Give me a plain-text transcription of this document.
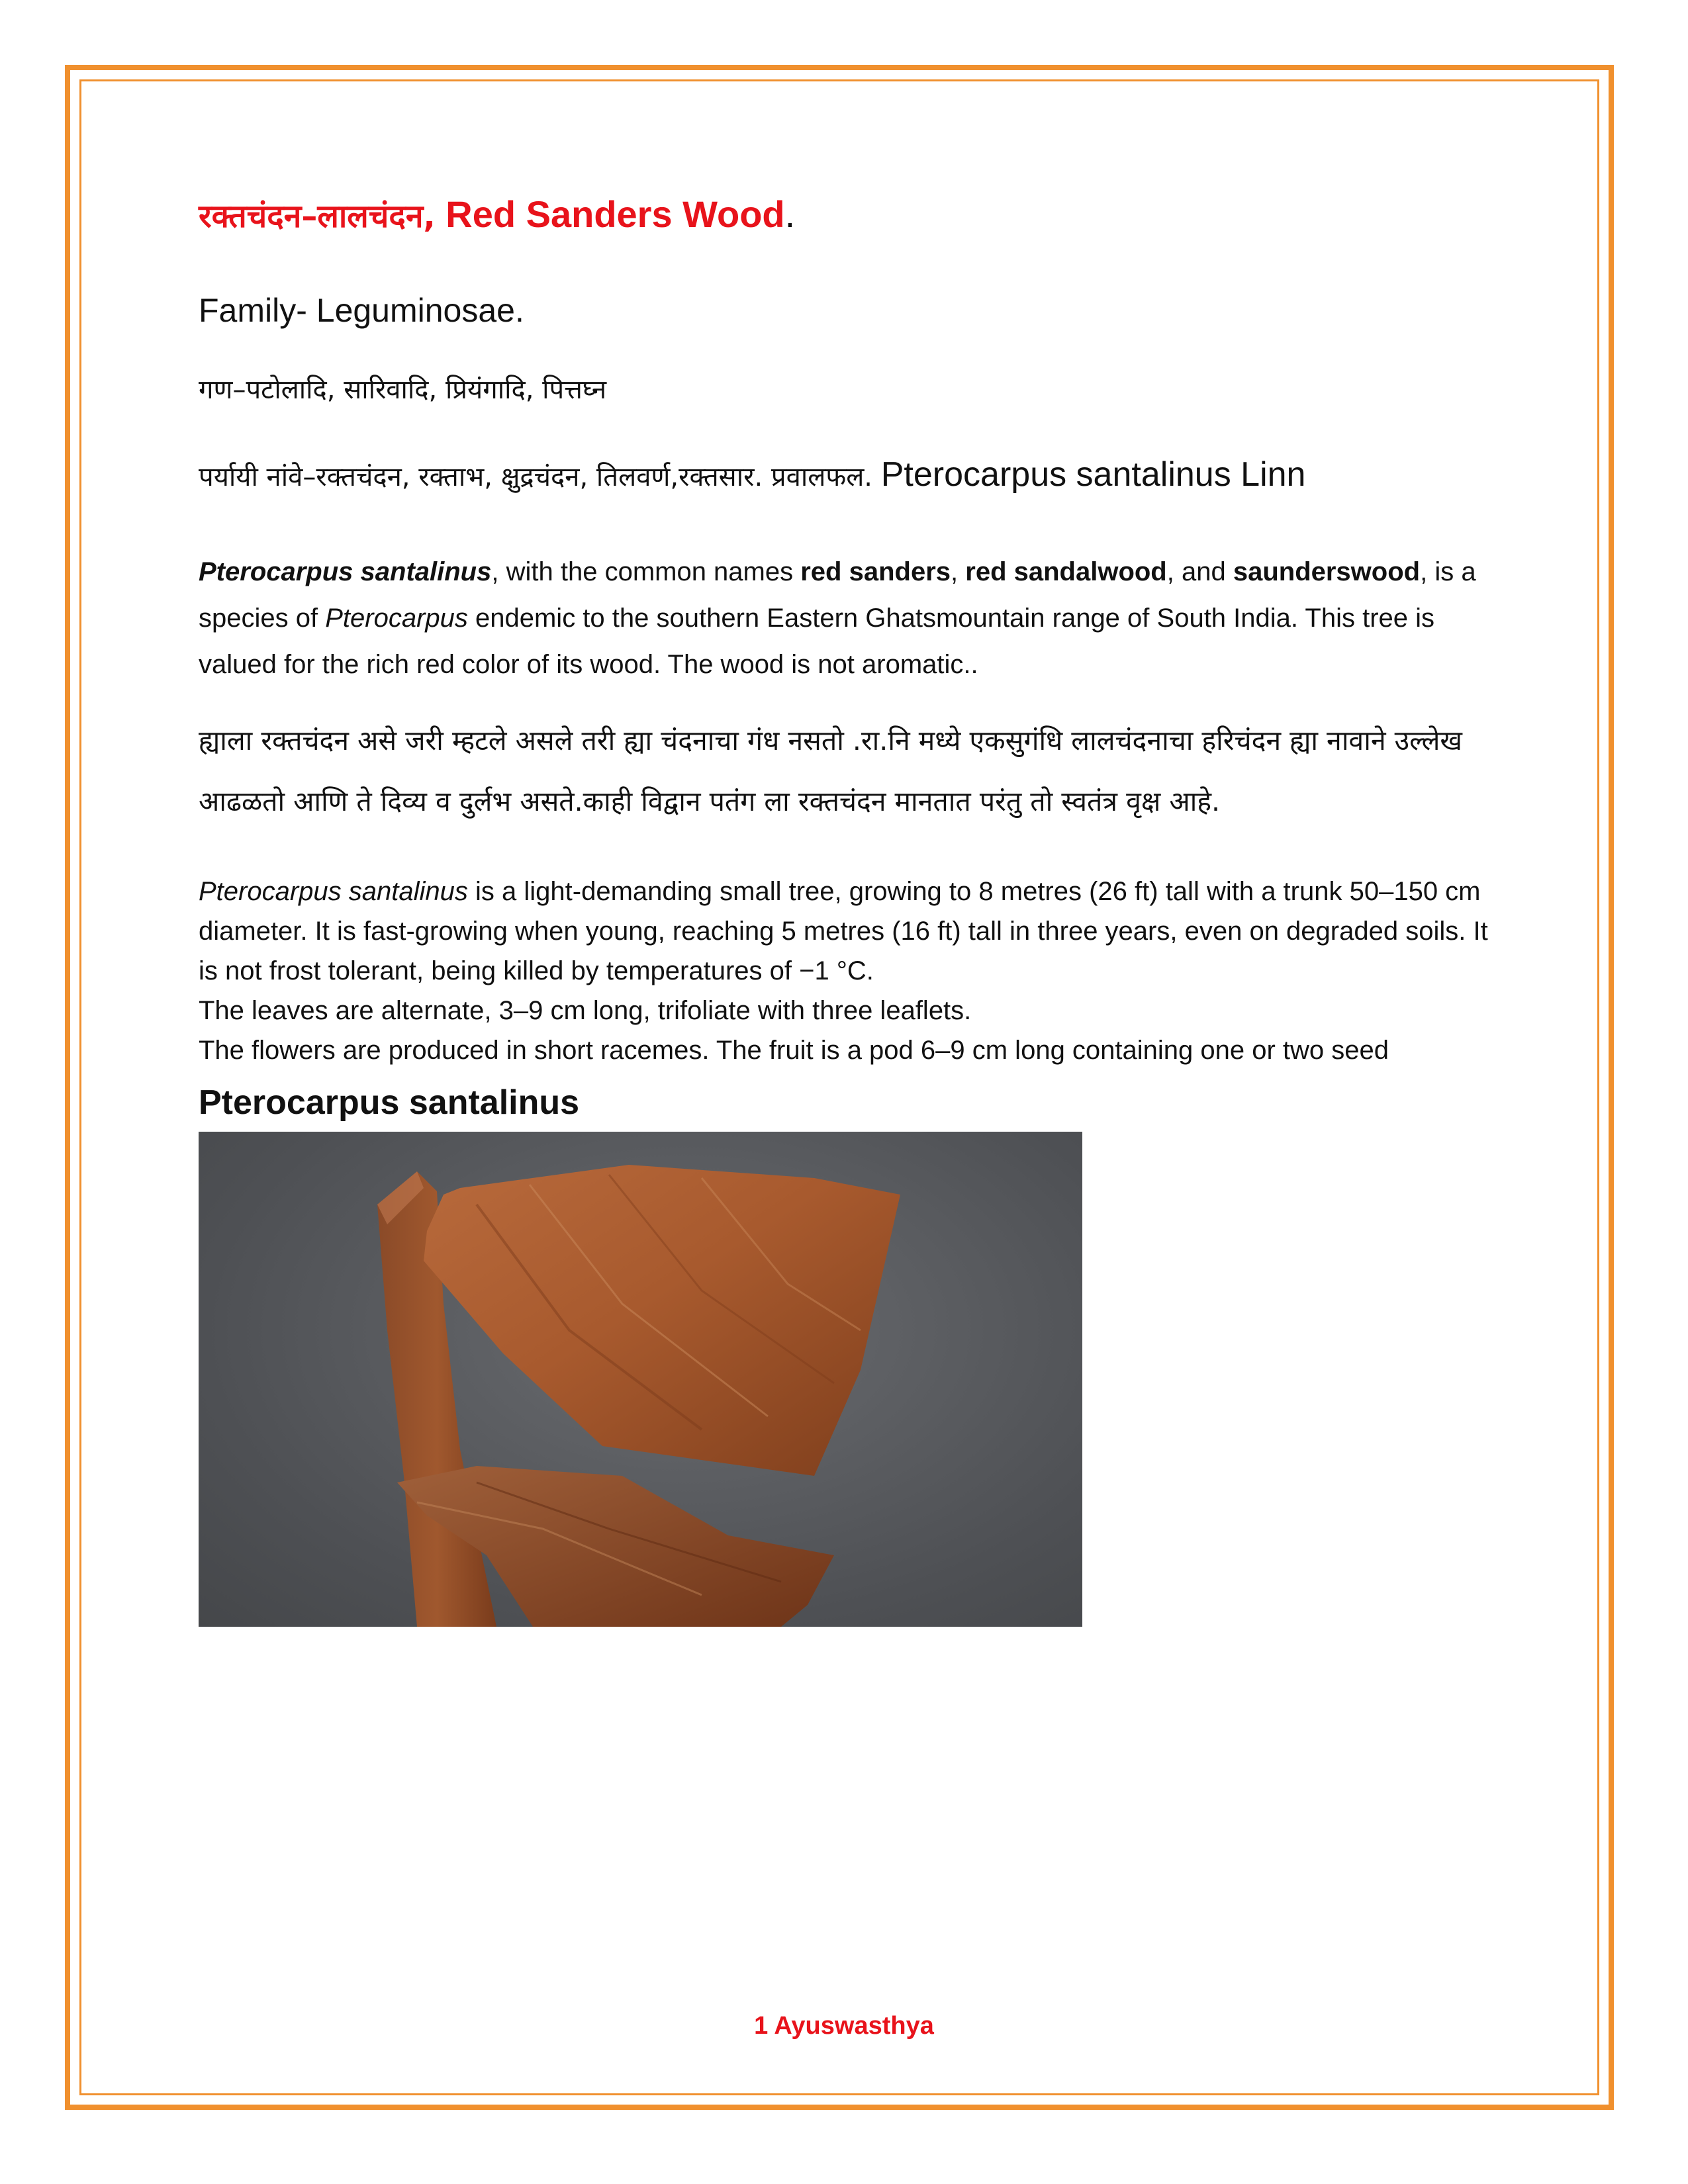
रक्तचंदन–लालचंदन, Red Sanders Wood.

Family- Leguminosae.

गण–पटोलादि, सारिवादि, प्रियंगादि, पित्तघ्न

पर्यायी नांवे–रक्तचंदन, रक्ताभ, क्षुद्रचंदन, तिलवर्ण,रक्तसार. प्रवालफल. Pterocarpus santalinus Linn

Pterocarpus santalinus, with the common names red sanders, red sandalwood, and saunderswood, is a species of Pterocarpus endemic to the southern Eastern Ghatsmountain range of South India. This tree is valued for the rich red color of its wood. The wood is not aromatic..

ह्याला रक्तचंदन असे जरी म्हटले असले तरी ह्या चंदनाचा गंध नसतो .रा.नि मध्ये एकसुगंधि लालचंदनाचा हरिचंदन ह्या नावाने उल्लेख आढळतो आणि ते दिव्य व दुर्लभ असते.काही विद्वान पतंग ला रक्तचंदन मानतात परंतु तो स्वतंत्र वृक्ष आहे.

Pterocarpus santalinus is a light-demanding small tree, growing to 8 metres (26 ft) tall with a trunk 50–150 cm diameter. It is fast-growing when young, reaching 5 metres (16 ft) tall in three years, even on degraded soils. It is not frost tolerant, being killed by temperatures of −1 °C.
The leaves are alternate, 3–9 cm long, trifoliate with three leaflets.
The flowers are produced in short racemes. The fruit is a pod 6–9 cm long containing one or two seed
Pterocarpus santalinus
1 Ayuswasthya
